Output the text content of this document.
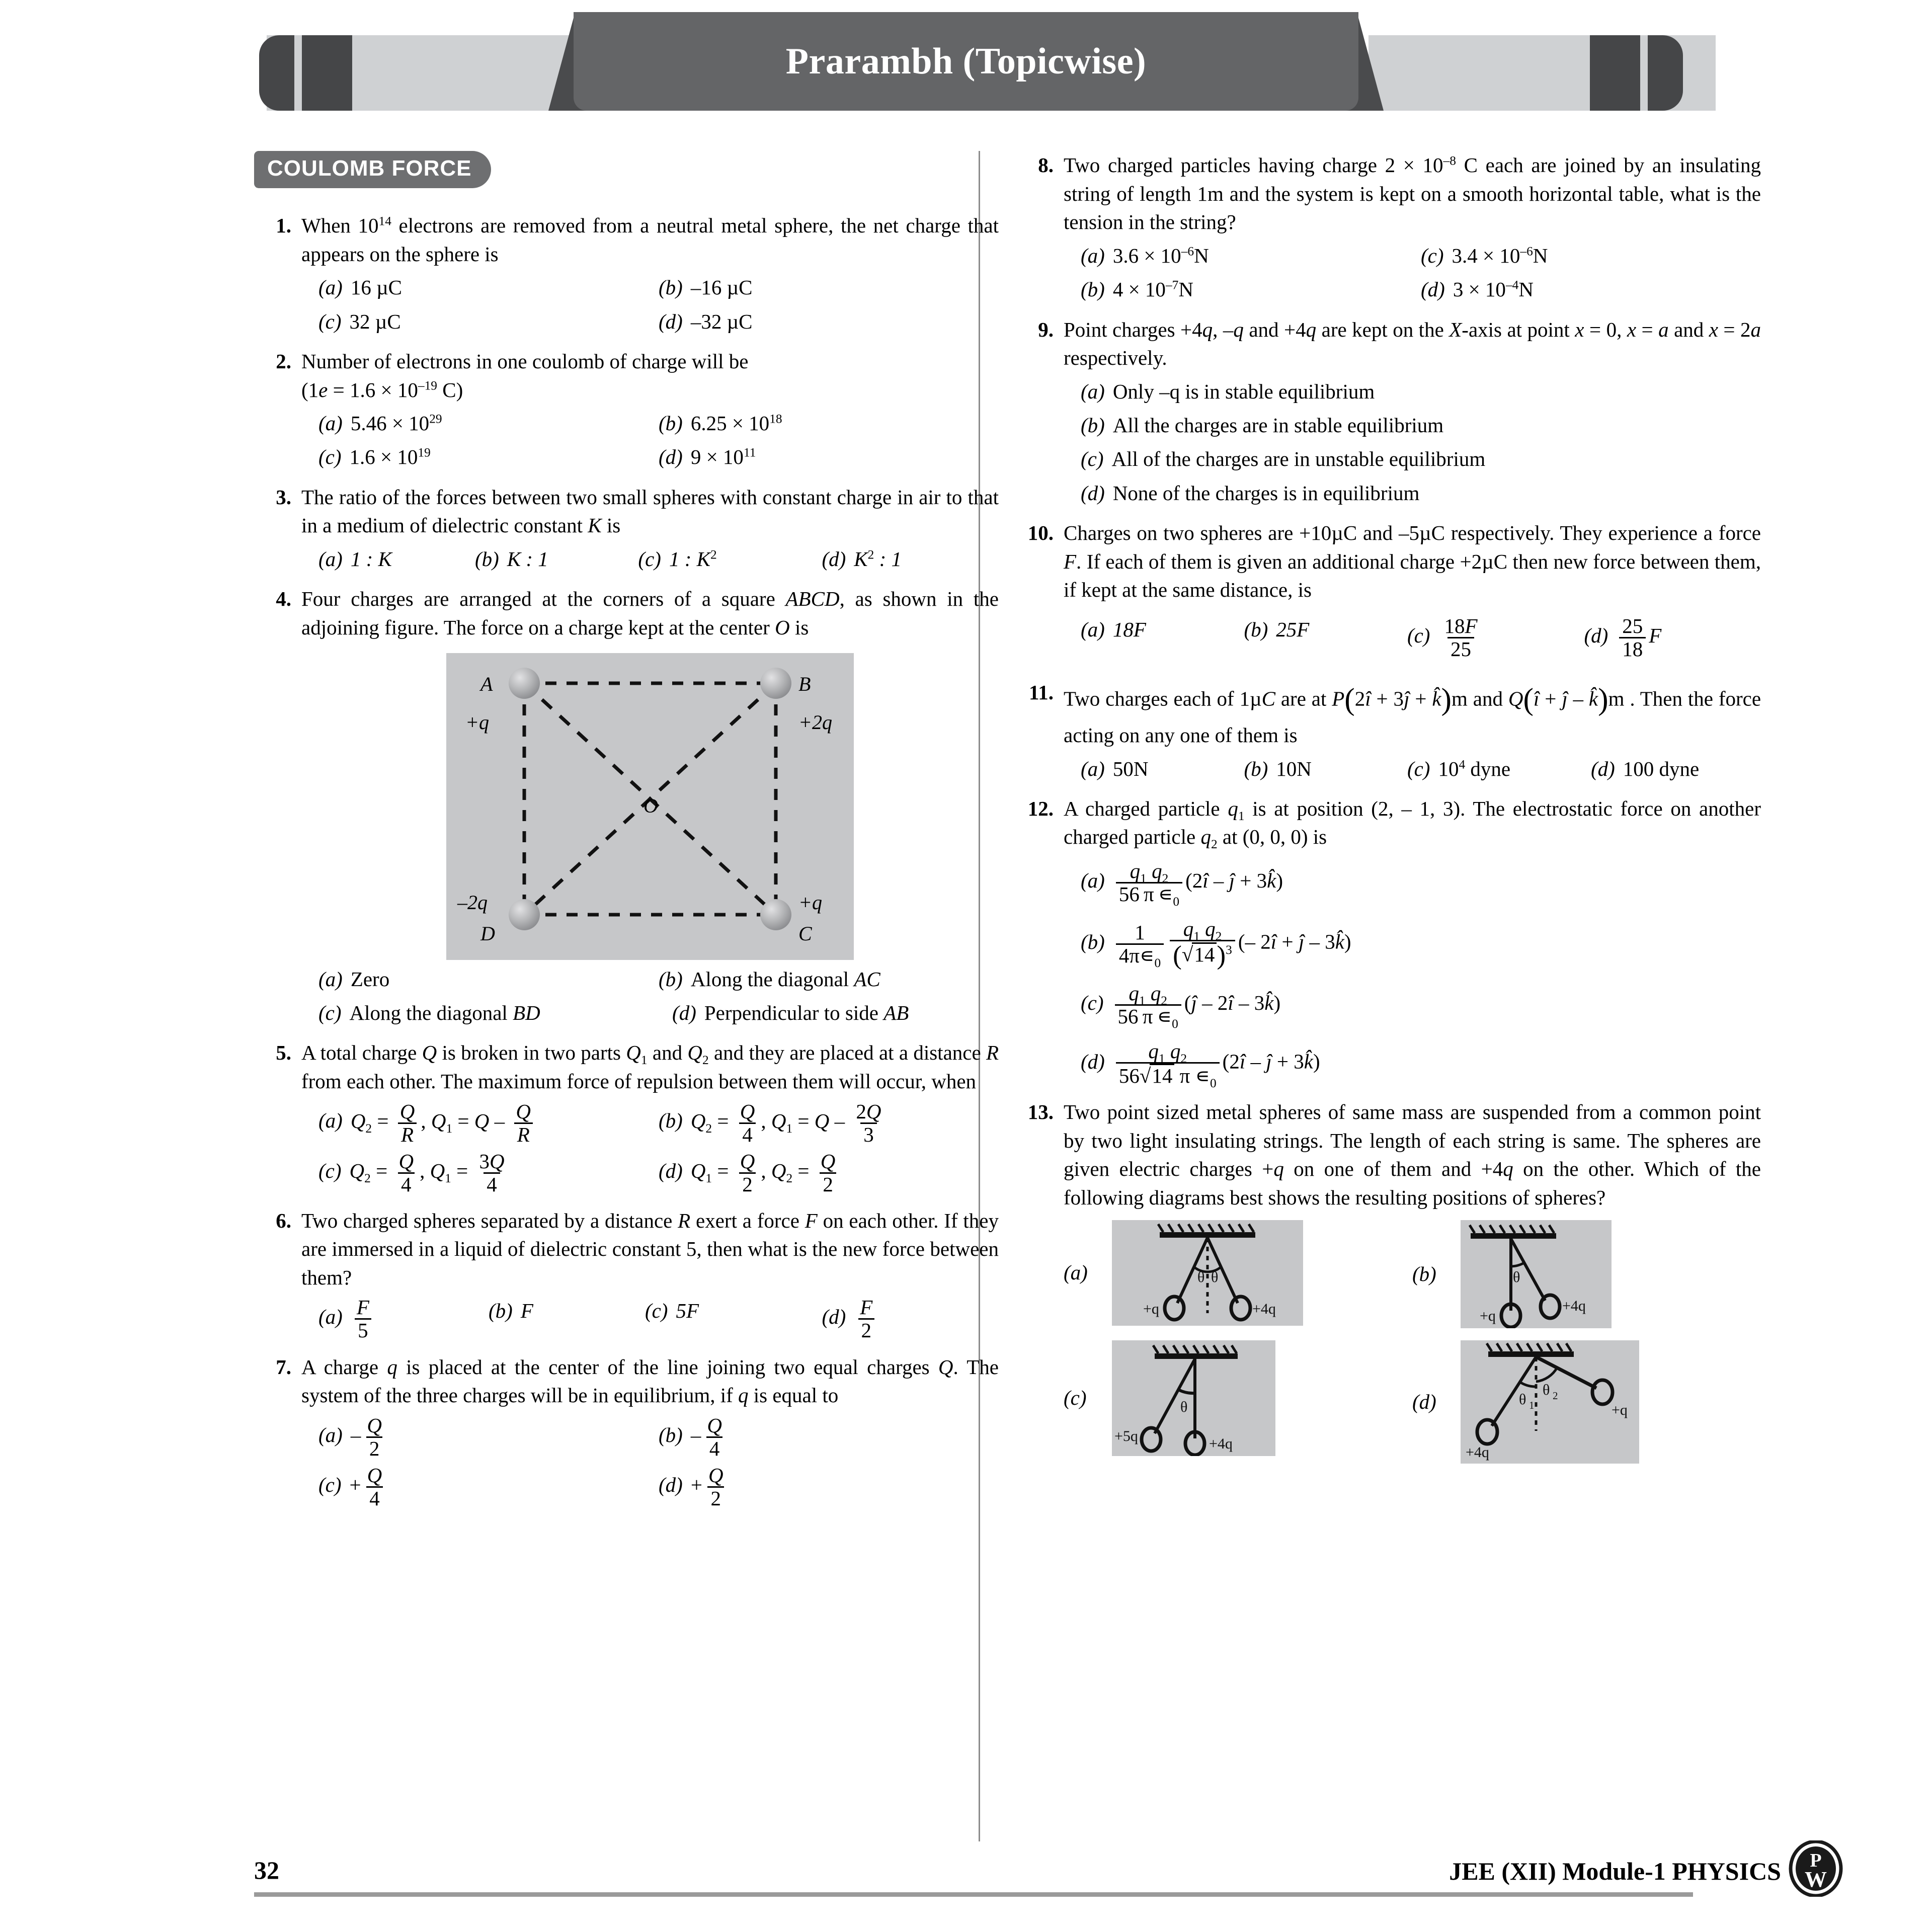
Prarambh (Topicwise)
COULOMB FORCE
1. When $10^{14}$ electrons are removed from a neutral metal sphere, the net charge that appears on the sphere is
(a) 16 µC	(b) –16 µC
(c) 32 µC	(d) –32 µC
2. Number of electrons in one coulomb of charge will be
($1e = 1.6 \times 10^{-19}$ C)
(a) $5.46 \times 10^{29}$	(b) $6.25 \times 10^{18}$
(c) $1.6 \times 10^{19}$	(d) $9 \times 10^{11}$
3. The ratio of the forces between two small spheres with constant charge in air to that in a medium of dielectric constant K is
(a) 1 : K	(b) K : 1	(c) 1 : $K^2$	(d) $K^2$ : 1
4. Four charges are arranged at the corners of a square ABCD, as shown in the adjoining figure. The force on a charge kept at the center O is
A	B
C
D
+q	+2q
+q
–2q
O
(a) Zero	(b) Along the diagonal AC
(c) Along the diagonal BD	(d) Perpendicular to side AB
5. A total charge Q is broken in two parts $Q_1$ and $Q_2$ and they are placed at a distance R from each other. The maximum force of repulsion between them will occur, when
(a) $Q_2 = \frac{Q}{R}$ , $Q_1 = Q - \frac{Q}{R}$	(b) $Q_2 = \frac{Q}{4}$ , $Q_1 = Q - \frac{2Q}{3}$
(c) $Q_2 = \frac{Q}{4}$ , $Q_1 = \frac{3Q}{4}$	(d) $Q_1 = \frac{Q}{2}$ , $Q_2 = \frac{Q}{2}$
6. Two charged spheres separated by a distance R exert a force F on each other. If they are immersed in a liquid of dielectric constant 5, then what is the new force between them?
$(a) \frac{F}{5}$	(b) F	(c) 5F	$(d) \frac{F}{2}$
7. A charge q is placed at the center of the line joining two equal charges Q. The system of the three charges will be in equilibrium, if q is equal to
$(a) - \frac{Q}{2}$	$(b) - \frac{Q}{4}$
$(c) + \frac{Q}{4}$	$(d) + \frac{Q}{2}$
8. Two charged particles having charge $2 \times 10^{-8}$ C each are joined by an insulating string of length 1m and the system is kept on a smooth horizontal table, what is the tension in the string?
(a) $3.6 \times 10^{-6}N$	(c) $3.4 \times 10^{-6}N$
(b) $4 \times 10^{-7}N$	(d) $3 \times 10^{-4}N$
9. Point charges +4q, –q and +4q are kept on the X-axis at point x = 0, x = a and x = 2a respectively.
(a) Only –q is in stable equilibrium
(b) All the charges are in stable equilibrium
(c) All of the charges are in unstable equilibrium
(d) None of the charges is in equilibrium
10. Charges on two spheres are +10µC and –5µC respectively. They experience a force F. If each of them is given an additional charge +2µC then new force between them, if kept at the same distance, is
(a) 18F	(b) 25F	$(c) \frac{18F}{25}$	$(d) \frac{25}{18}$ F
11. Two charges each of 1µC are at P(2î + 3ĵ + k̂)m and Q(î + ĵ – k̂)m . Then the force acting on any one of them is
(a) 50N	(b) 10N	(c) $10^4$ dyne	(d) 100 dyne
12. A charged particle $q_1$ is at position (2, – 1, 3). The electrostatic force on another charged particle $q_2$ at (0, 0, 0) is
$(a) \frac{q_1 q_2}{56 \pi ∊_0}$ (2î – ĵ + 3k̂)
$(b) \frac{1}{4\pi∊_0} \frac{q_1 q_2}{(√14)^3}$ (– 2î + ĵ – 3k̂)
$(c) \frac{q_1 q_2}{56 \pi ∊_0}$ (ĵ – 2î – 3k̂)
$(d) \frac{q_1 q_2}{56√14 \pi ∊_0}$ (2î – ĵ + 3k̂)
13. Two point sized metal spheres of same mass are suspended from a common point by two light insulating strings. The length of each string is same. The spheres are given electric charges +q on one of them and +4q on the other. Which of the following diagrams best shows the resulting positions of spheres?
(a)	θ θ
+q	+4q
(b)	θ
+q
+4q
(c)	θ
+5q	+4q
(d)	θ 1
θ 2
+4q
+q
32	JEE (XII) Module-1 PHYSICS P
W
